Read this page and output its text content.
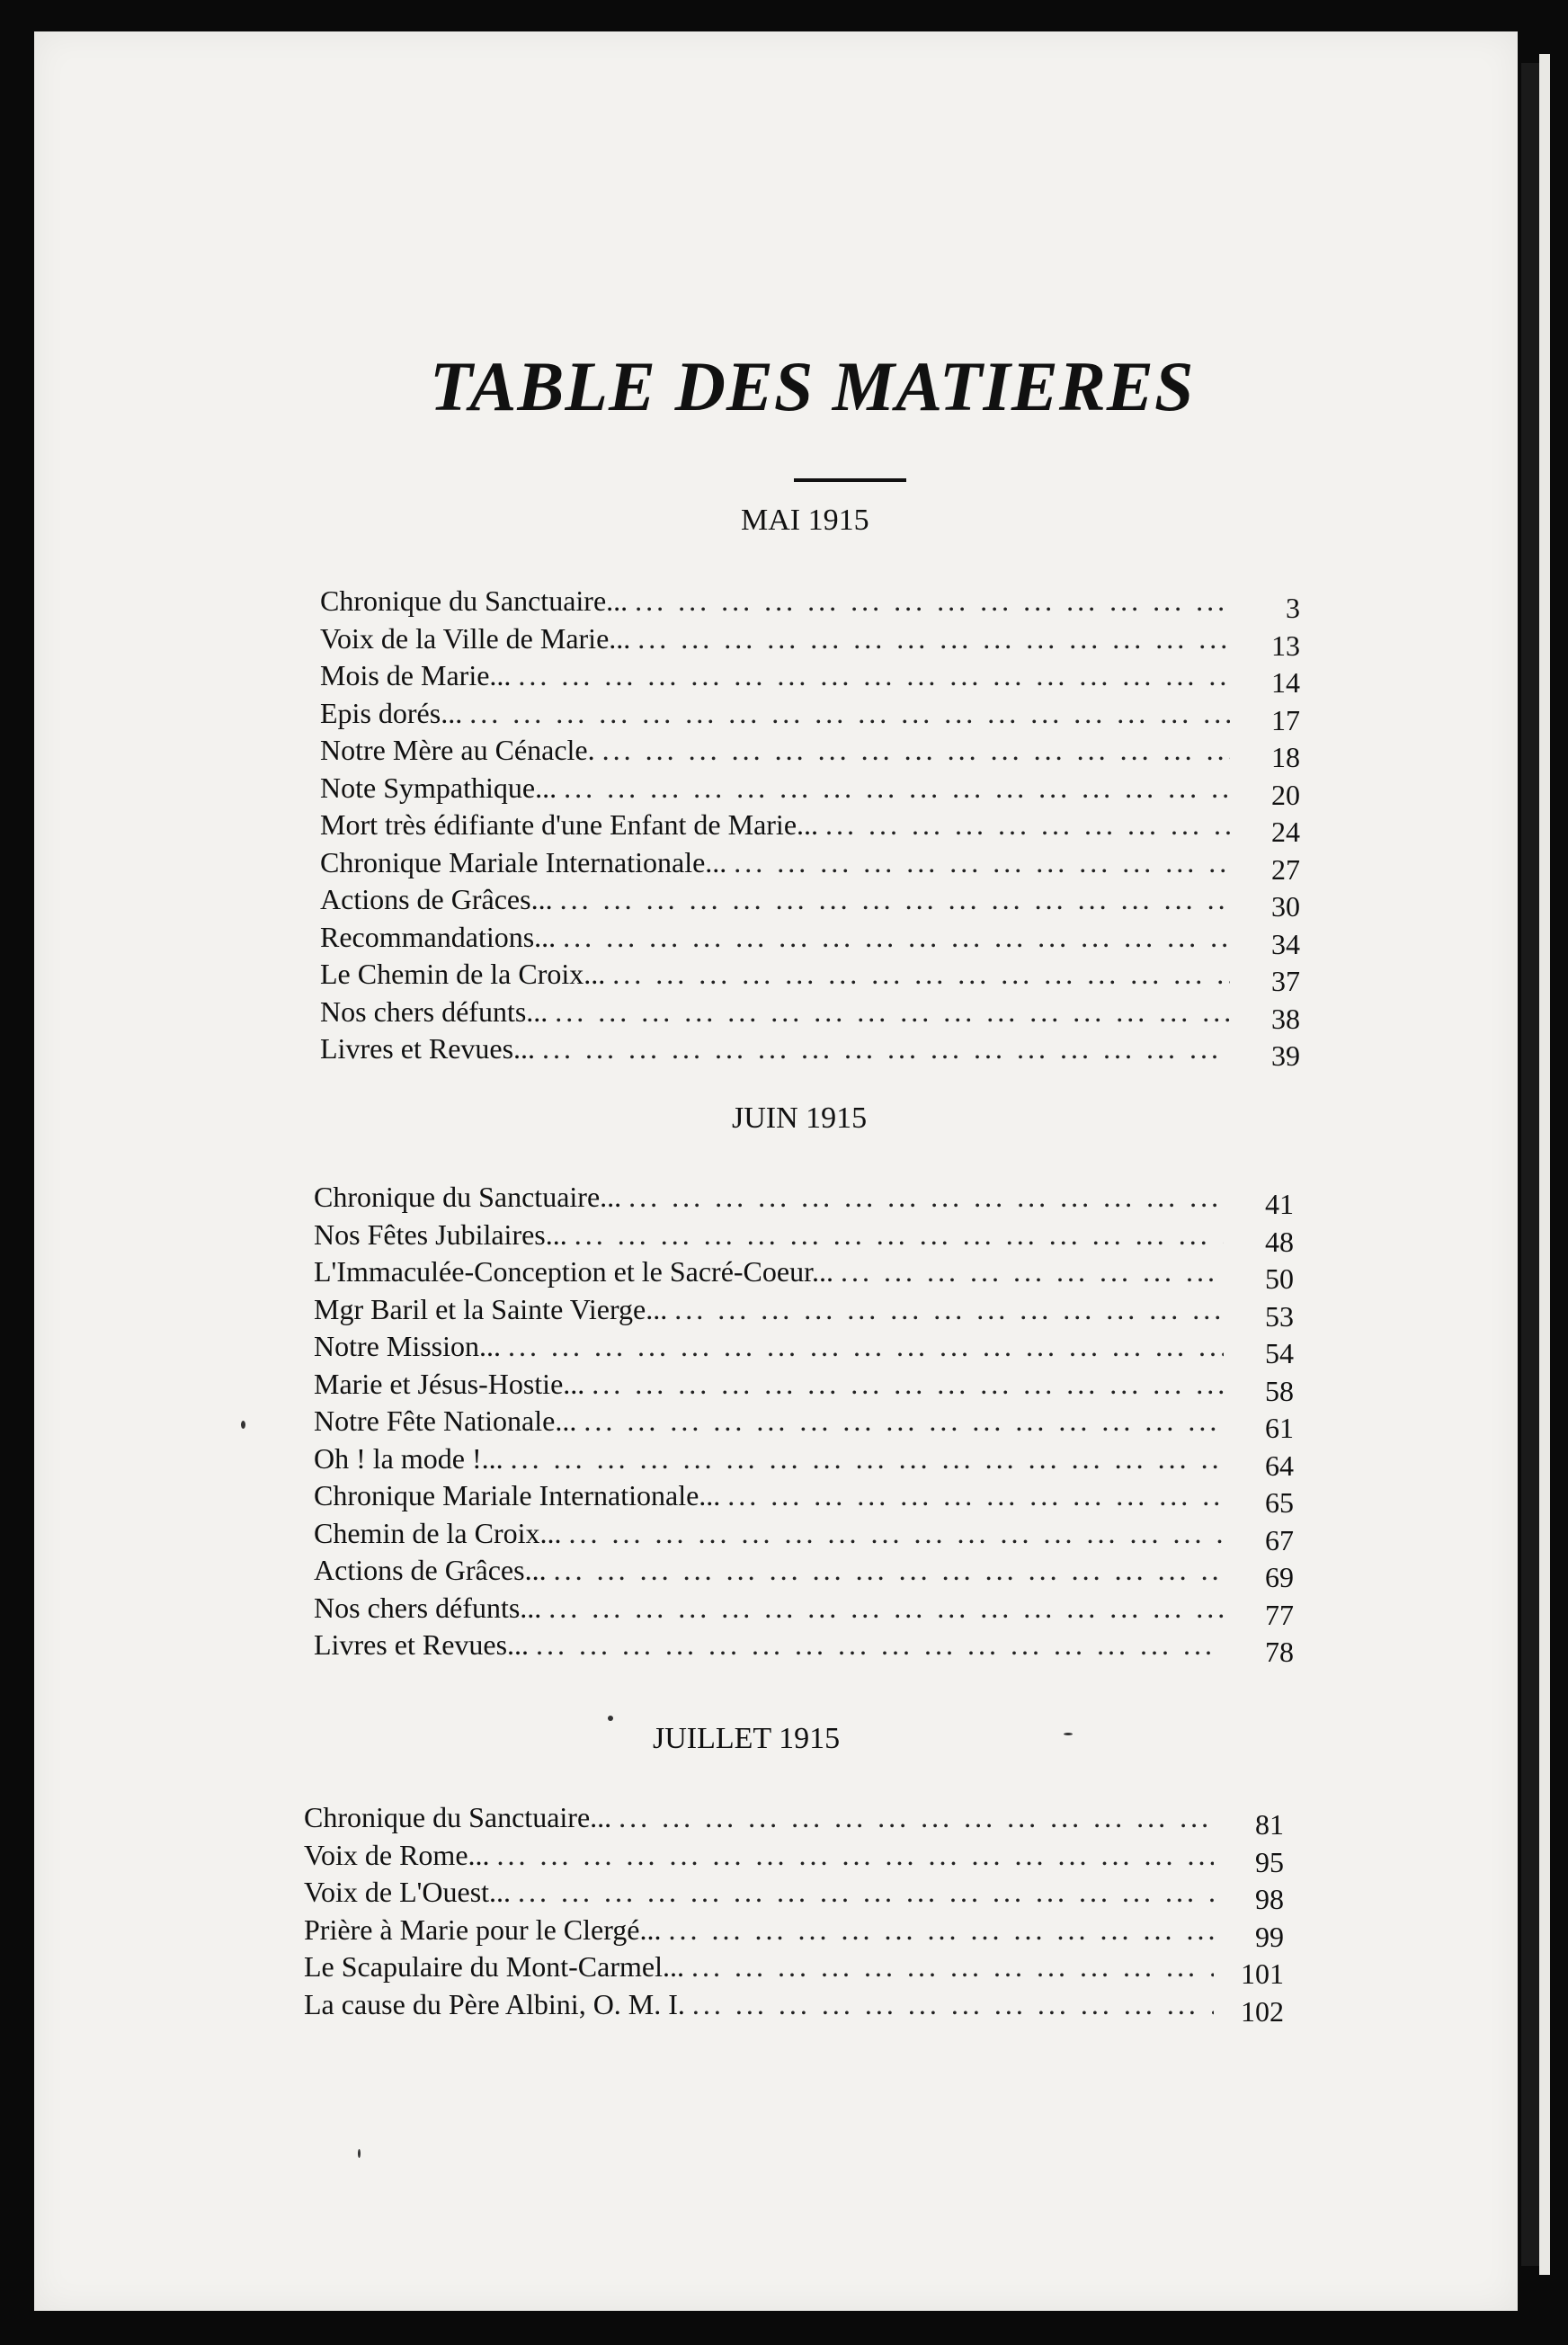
TABLE DES MATIERES
MAI 1915
Chronique du Sanctuaire... ... .	3
Voix de la Ville de Marie... ... .	13
Mois de Marie... ... .	14
Epis dorés... ... .	17
Notre Mère au Cénacle. ... .	18
Note Sympathique... ... .	20
Mort très édifiante d'une Enfant de Marie... ... .	24
Chronique Mariale Internationale... ... .	27
Actions de Grâces... ... .	30
Recommandations... ... .	34
Le Chemin de la Croix... ... .	37
Nos chers défunts... ... .	38
Livres et Revues... ... .	39
JUIN 1915
Chronique du Sanctuaire... ... .	41
Nos Fêtes Jubilaires... ... .	48
L'Immaculée-Conception et le Sacré-Coeur... ... .	50
Mgr Baril et la Sainte Vierge... ... .	53
Notre Mission... ... .	54
Marie et Jésus-Hostie... ... .	58
Notre Fête Nationale... ... .	61
Oh ! la mode !... ... .	64
Chronique Mariale Internationale... ... .	65
Chemin de la Croix... ... .	67
Actions de Grâces... ... .	69
Nos chers défunts... ... .	77
Livres et Revues... ... .	78
JUILLET 1915
Chronique du Sanctuaire... ... .	81
Voix de Rome... ... .	95
Voix de L'Ouest... ... .	98
Prière à Marie pour le Clergé... ... .	99
Le Scapulaire du Mont-Carmel... ... .	101
La cause du Père Albini, O. M. I. ... .	102
